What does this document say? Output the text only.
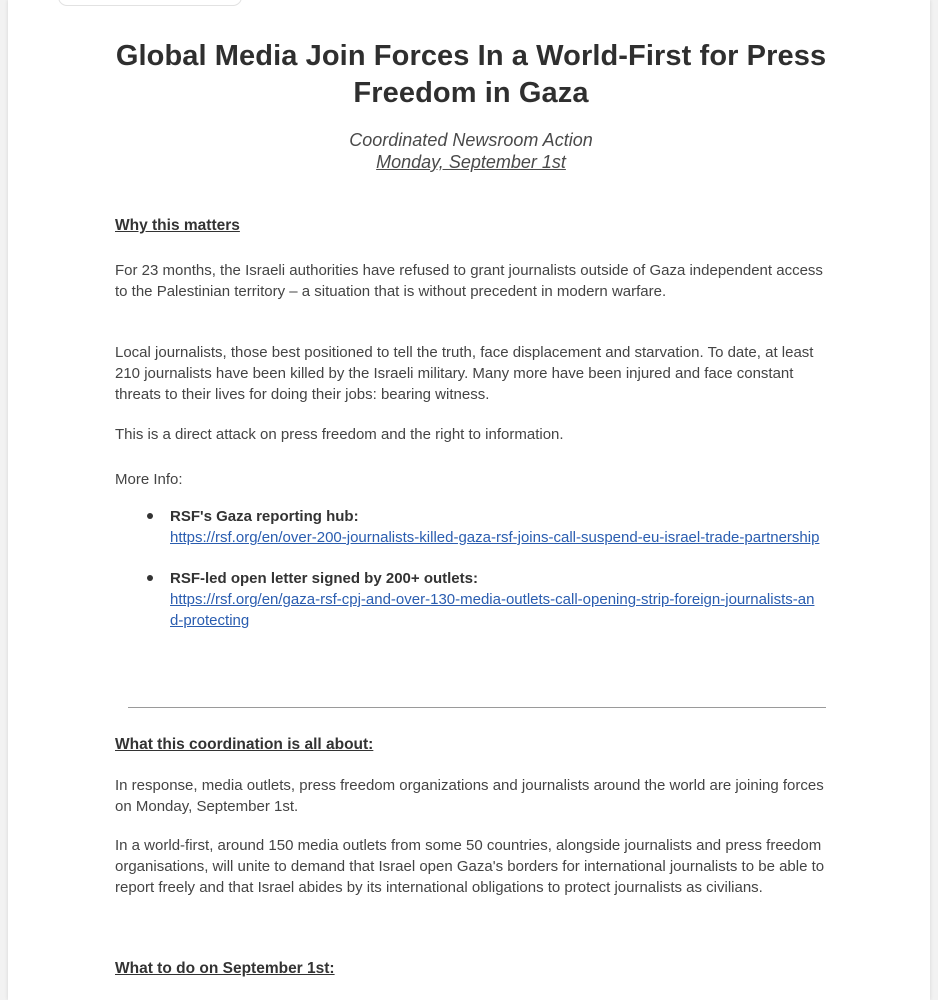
Global Media Join Forces In a World-First for Press Freedom in Gaza
Coordinated Newsroom Action
Monday, September 1st
Why this matters
For 23 months, the Israeli authorities have refused to grant journalists outside of Gaza independent access to the Palestinian territory – a situation that is without precedent in modern warfare.
Local journalists, those best positioned to tell the truth, face displacement and starvation. To date, at least 210 journalists have been killed by the Israeli military. Many more have been injured and face constant threats to their lives for doing their jobs: bearing witness.
This is a direct attack on press freedom and the right to information.
More Info:
RSF's Gaza reporting hub:
https://rsf.org/en/over-200-journalists-killed-gaza-rsf-joins-call-suspend-eu-israel-trade-partnership
RSF-led open letter signed by 200+ outlets:
https://rsf.org/en/gaza-rsf-cpj-and-over-130-media-outlets-call-opening-strip-foreign-journalists-and-protecting
What this coordination is all about:
In response, media outlets, press freedom organizations and journalists around the world are joining forces on Monday, September 1st.
In a world-first, around 150 media outlets from some 50 countries, alongside journalists and press freedom organisations, will unite to demand that Israel open Gaza's borders for international journalists to be able to report freely and that Israel abides by its international obligations to protect journalists as civilians.
What to do on September 1st:
